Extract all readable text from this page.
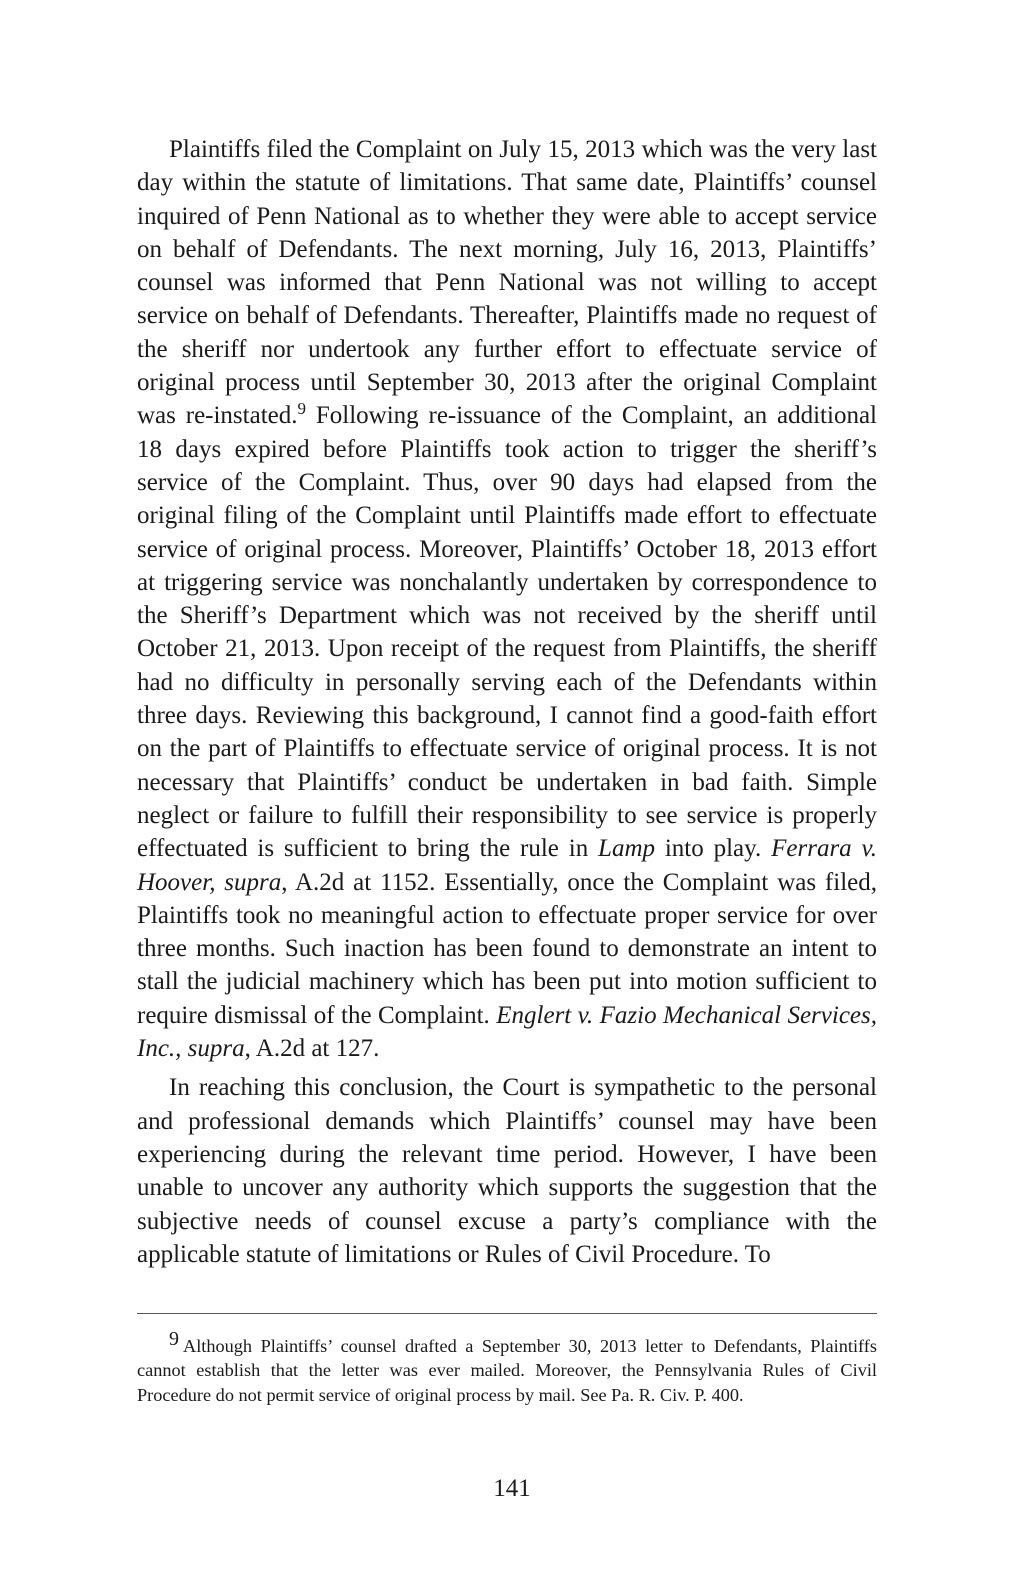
Plaintiffs filed the Complaint on July 15, 2013 which was the very last day within the statute of limitations. That same date, Plaintiffs’ counsel inquired of Penn National as to whether they were able to accept service on behalf of Defendants. The next morning, July 16, 2013, Plaintiffs’ counsel was informed that Penn National was not willing to accept service on behalf of Defendants. Thereafter, Plaintiffs made no request of the sheriff nor undertook any further effort to effectuate service of original process until September 30, 2013 after the original Complaint was re-instated.$^9$ Following re-issuance of the Complaint, an additional 18 days expired before Plaintiffs took action to trigger the sheriff’s service of the Complaint. Thus, over 90 days had elapsed from the original filing of the Complaint until Plaintiffs made effort to effectuate service of original process. Moreover, Plaintiffs’ October 18, 2013 effort at triggering service was nonchalantly undertaken by correspondence to the Sheriff’s Department which was not received by the sheriff until October 21, 2013. Upon receipt of the request from Plaintiffs, the sheriff had no difficulty in personally serving each of the Defendants within three days. Reviewing this background, I cannot find a good-faith effort on the part of Plaintiffs to effectuate service of original process. It is not necessary that Plaintiffs’ conduct be undertaken in bad faith. Simple neglect or failure to fulfill their responsibility to see service is properly effectuated is sufficient to bring the rule in Lamp into play. Ferrara v. Hoover, supra, A.2d at 1152. Essentially, once the Complaint was filed, Plaintiffs took no meaningful action to effectuate proper service for over three months. Such inaction has been found to demonstrate an intent to stall the judicial machinery which has been put into motion sufficient to require dismissal of the Complaint. Englert v. Fazio Mechanical Services, Inc., supra, A.2d at 127.

In reaching this conclusion, the Court is sympathetic to the personal and professional demands which Plaintiffs’ counsel may have been experiencing during the relevant time period. However, I have been unable to uncover any authority which supports the suggestion that the subjective needs of counsel excuse a party’s compliance with the applicable statute of limitations or Rules of Civil Procedure. To

$^9$ Although Plaintiffs’ counsel drafted a September 30, 2013 letter to Defendants, Plaintiffs cannot establish that the letter was ever mailed. Moreover, the Pennsylvania Rules of Civil Procedure do not permit service of original process by mail. See Pa. R. Civ. P. 400.

141
